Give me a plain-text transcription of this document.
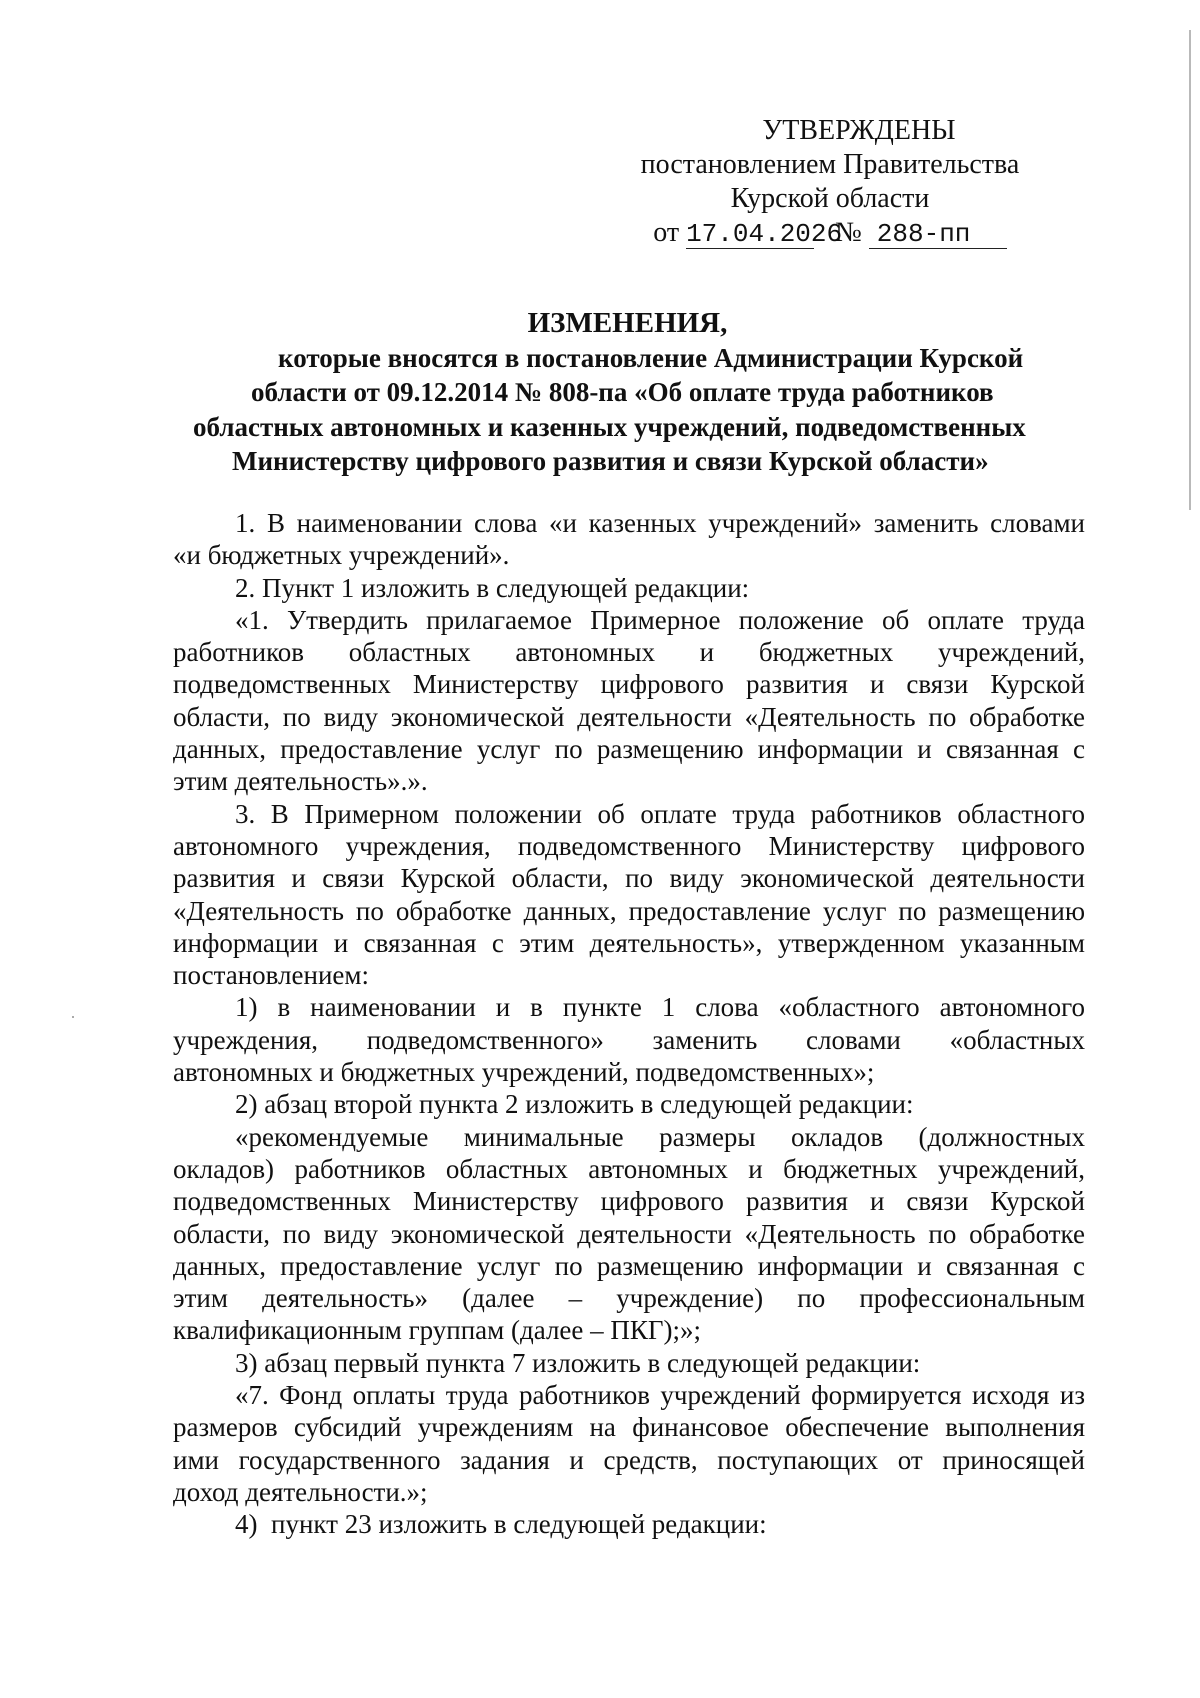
УТВЕРЖДЕНЫ
постановлением Правительства
Курской области
от 17.04.2026 № 288-пп
ИЗМЕНЕНИЯ,
которые вносятся в постановление Администрации Курской
области от 09.12.2014 № 808-па «Об оплате труда работников
областных автономных и казенных учреждений, подведомственных
Министерству цифрового развития и связи Курской области»
1. В наименовании слова «и казенных учреждений» заменить словами
«и бюджетных учреждений».
2. Пункт 1 изложить в следующей редакции:
«1. Утвердить прилагаемое Примерное положение об оплате труда
работников областных автономных и бюджетных учреждений,
подведомственных Министерству цифрового развития и связи Курской
области, по виду экономической деятельности «Деятельность по обработке
данных, предоставление услуг по размещению информации и связанная с
этим деятельность».».
3. В Примерном положении об оплате труда работников областного
автономного учреждения, подведомственного Министерству цифрового
развития и связи Курской области, по виду экономической деятельности
«Деятельность по обработке данных, предоставление услуг по размещению
информации и связанная с этим деятельность», утвержденном указанным
постановлением:
1) в наименовании и в пункте 1 слова «областного автономного
учреждения, подведомственного» заменить словами «областных
автономных и бюджетных учреждений, подведомственных»;
2) абзац второй пункта 2 изложить в следующей редакции:
«рекомендуемые минимальные размеры окладов (должностных
окладов) работников областных автономных и бюджетных учреждений,
подведомственных Министерству цифрового развития и связи Курской
области, по виду экономической деятельности «Деятельность по обработке
данных, предоставление услуг по размещению информации и связанная с
этим деятельность» (далее – учреждение) по профессиональным
квалификационным группам (далее – ПКГ);»;
3) абзац первый пункта 7 изложить в следующей редакции:
«7. Фонд оплаты труда работников учреждений формируется исходя из
размеров субсидий учреждениям на финансовое обеспечение выполнения
ими государственного задания и средств, поступающих от приносящей
доход деятельности.»;
4)  пункт 23 изложить в следующей редакции:
